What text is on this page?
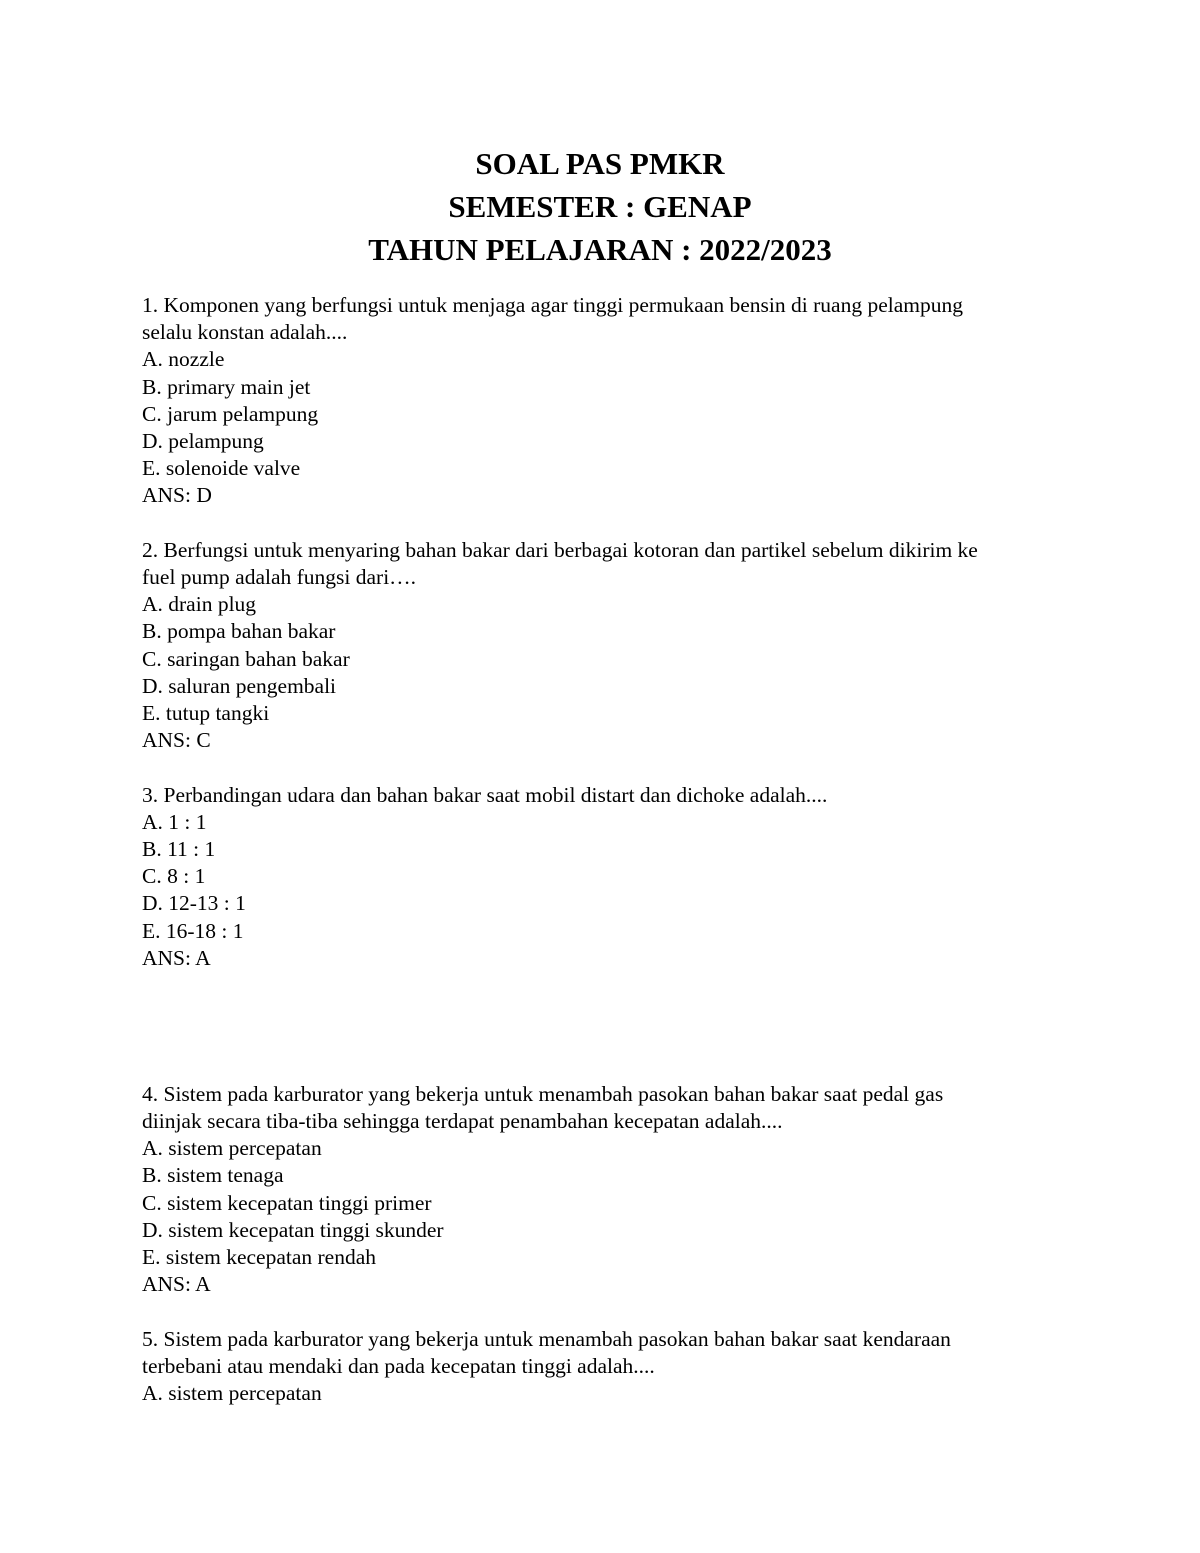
SOAL PAS PMKR
SEMESTER : GENAP
TAHUN PELAJARAN : 2022/2023
1. Komponen yang berfungsi untuk menjaga agar tinggi permukaan bensin di ruang pelampung
selalu konstan adalah....
A. nozzle
B. primary main jet
C. jarum pelampung
D. pelampung
E. solenoide valve
ANS: D
2. Berfungsi untuk menyaring bahan bakar dari berbagai kotoran dan partikel sebelum dikirim ke
fuel pump adalah fungsi dari….
A. drain plug
B. pompa bahan bakar
C. saringan bahan bakar
D. saluran pengembali
E. tutup tangki
ANS: C
3. Perbandingan udara dan bahan bakar saat mobil distart dan dichoke adalah....
A. 1 : 1
B. 11 : 1
C. 8 : 1
D. 12-13 : 1
E. 16-18 : 1
ANS: A
4. Sistem pada karburator yang bekerja untuk menambah pasokan bahan bakar saat pedal gas
diinjak secara tiba-tiba sehingga terdapat penambahan kecepatan adalah....
A. sistem percepatan
B. sistem tenaga
C. sistem kecepatan tinggi primer
D. sistem kecepatan tinggi skunder
E. sistem kecepatan rendah
ANS: A
5. Sistem pada karburator yang bekerja untuk menambah pasokan bahan bakar saat kendaraan
terbebani atau mendaki dan pada kecepatan tinggi adalah....
A. sistem percepatan
